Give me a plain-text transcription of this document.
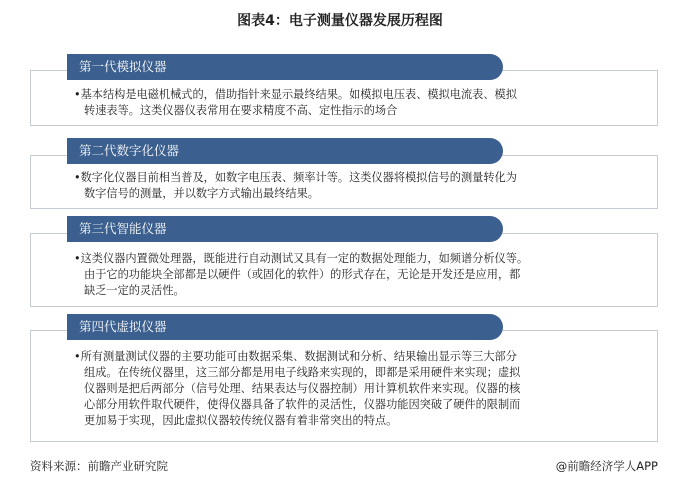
图表4：电子测量仪器发展历程图
第一代模拟仪器
•基本结构是电磁机械式的，借助指针来显示最终结果。如模拟电压表、模拟电流表、模拟
转速表等。这类仪器仪表常用在要求精度不高、定性指示的场合
第二代数字化仪器
•数字化仪器目前相当普及，如数字电压表、频率计等。这类仪器将模拟信号的测量转化为
数字信号的测量，并以数字方式输出最终结果。
第三代智能仪器
•这类仪器内置微处理器，既能进行自动测试又具有一定的数据处理能力，如频谱分析仪等。
由于它的功能块全部都是以硬件（或固化的软件）的形式存在，无论是开发还是应用，都
缺乏一定的灵活性。
第四代虚拟仪器
•所有测量测试仪器的主要功能可由数据采集、数据测试和分析、结果输出显示等三大部分
组成。在传统仪器里，这三部分都是用电子线路来实现的，即都是采用硬件来实现；虚拟
仪器则是把后两部分（信号处理、结果表达与仪器控制）用计算机软件来实现。仪器的核
心部分用软件取代硬件，使得仪器具备了软件的灵活性，仪器功能因突破了硬件的限制而
更加易于实现，因此虚拟仪器较传统仪器有着非常突出的特点。
资料来源：前瞻产业研究院	@前瞻经济学人APP
